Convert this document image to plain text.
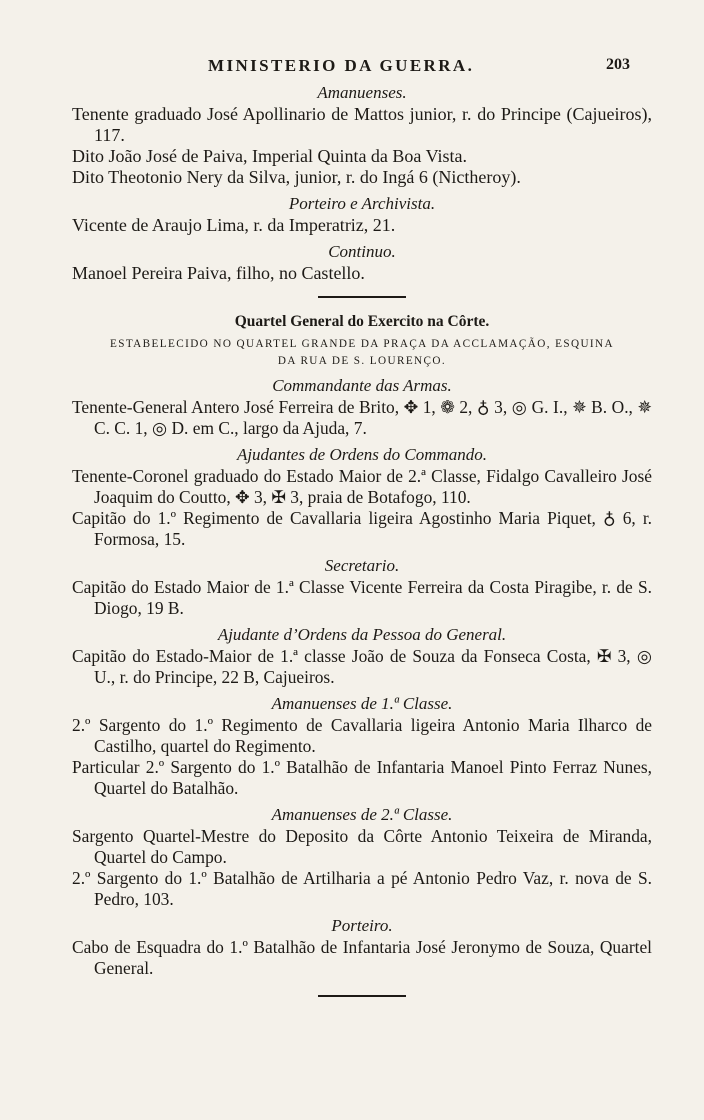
MINISTERIO DA GUERRA.	203

Amanuenses.

Tenente graduado José Apollinario de Mattos junior, r. do Principe (Cajueiros), 117.

Dito João José de Paiva, Imperial Quinta da Boa Vista.

Dito Theotonio Nery da Silva, junior, r. do Ingá 6 (Nictheroy).

Porteiro e Archivista.

Vicente de Araujo Lima, r. da Imperatriz, 21.

Continuo.

Manoel Pereira Paiva, filho, no Castello.

Quartel General do Exercito na Côrte.

ESTABELECIDO NO QUARTEL GRANDE DA PRAÇA DA ACCLAMAÇÃO, ESQUINA

DA RUA DE S. LOURENÇO.

Commandante das Armas.

Tenente-General Antero José Ferreira de Brito, ✥ 1, ❁ 2, ♁ 3, ◎ G. I., ✵ B. O., ✵ C. C. 1, ◎ D. em C., largo da Ajuda, 7.

Ajudantes de Ordens do Commando.

Tenente-Coronel graduado do Estado Maior de 2.ª Classe, Fidalgo Cavalleiro José Joaquim do Coutto, ✥ 3, ✠ 3, praia de Botafogo, 110.

Capitão do 1.º Regimento de Cavallaria ligeira Agostinho Maria Piquet, ♁ 6, r. Formosa, 15.

Secretario.

Capitão do Estado Maior de 1.ª Classe Vicente Ferreira da Costa Piragibe, r. de S. Diogo, 19 B.

Ajudante d’Ordens da Pessoa do General.

Capitão do Estado-Maior de 1.ª classe João de Souza da Fonseca Costa, ✠ 3, ◎ U., r. do Principe, 22 B, Cajueiros.

Amanuenses de 1.ª Classe.

2.º Sargento do 1.º Regimento de Cavallaria ligeira Antonio Maria Ilharco de Castilho, quartel do Regimento.

Particular 2.º Sargento do 1.º Batalhão de Infantaria Manoel Pinto Ferraz Nunes, Quartel do Batalhão.

Amanuenses de 2.ª Classe.

Sargento Quartel-Mestre do Deposito da Côrte Antonio Teixeira de Miranda, Quartel do Campo.

2.º Sargento do 1.º Batalhão de Artilharia a pé Antonio Pedro Vaz, r. nova de S. Pedro, 103.

Porteiro.

Cabo de Esquadra do 1.º Batalhão de Infantaria José Jeronymo de Souza, Quartel General.
